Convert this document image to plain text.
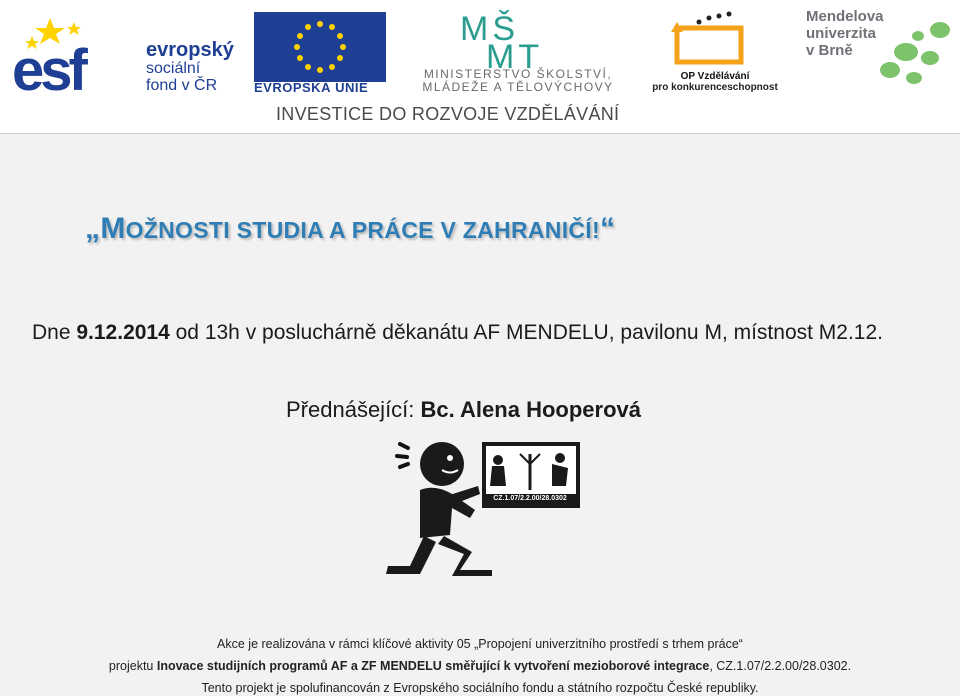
esf	evropský
sociální
fond v ČR	EVROPSKÁ UNIE
MŠ
MT
MINISTERSTVO ŠKOLSTVÍ,
MLÁDEŽE A TĚLOVÝCHOVY
OP Vzdělávání
pro konkurenceschopnost
Mendelova
univerzita
v Brně
INVESTICE DO ROZVOJE VZDĚLÁVÁNÍ
„MOŽNOSTI STUDIA A PRÁCE V ZAHRANIČÍ!“
Dne 9.12.2014 od 13h v posluchárně děkanátu AF MENDELU, pavilonu M, místnost M2.12.
Přednášející: Bc. Alena Hooperová
CZ.1.07/2.2.00/28.0302
Akce je realizována v rámci klíčové aktivity 05 „Propojení univerzitního prostředí s trhem práce“
projektu Inovace studijních programů AF a ZF MENDELU směřující k vytvoření mezioborové integrace, CZ.1.07/2.2.00/28.0302.
Tento projekt je spolufinancován z Evropského sociálního fondu a státního rozpočtu České republiky.
